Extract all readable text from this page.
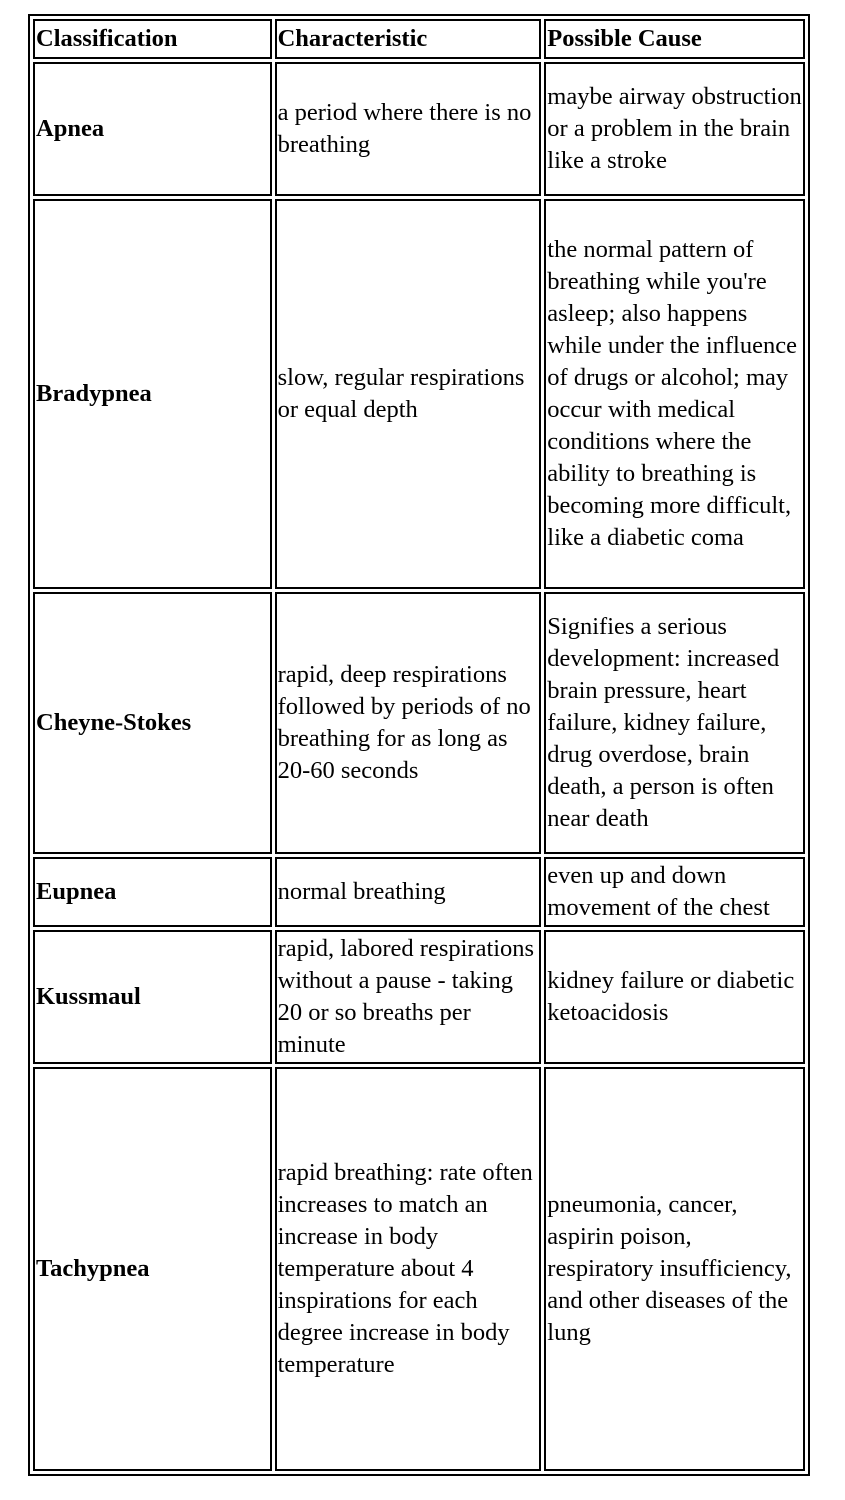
Classification	Characteristic	Possible Cause
Apnea	a period where there is no breathing	maybe airway obstruction or a problem in the brain like a stroke
Bradypnea	slow, regular respirations or equal depth	the normal pattern of breathing while you're asleep; also happens while under the influence of drugs or alcohol; may occur with medical conditions where the ability to breathing is becoming more difficult, like a diabetic coma
Cheyne-Stokes	rapid, deep respirations followed by periods of no breathing for as long as 20-60 seconds	Signifies a serious development: increased brain pressure, heart failure, kidney failure, drug overdose, brain death, a person is often near death
Eupnea	normal breathing	even up and down movement of the chest
Kussmaul	rapid, labored respirations without a pause - taking 20 or so breaths per minute	kidney failure or diabetic ketoacidosis
Tachypnea	rapid breathing: rate often increases to match an increase in body temperature about 4 inspirations for each degree increase in body temperature	pneumonia, cancer, aspirin poison, respiratory insufficiency, and other diseases of the lung
